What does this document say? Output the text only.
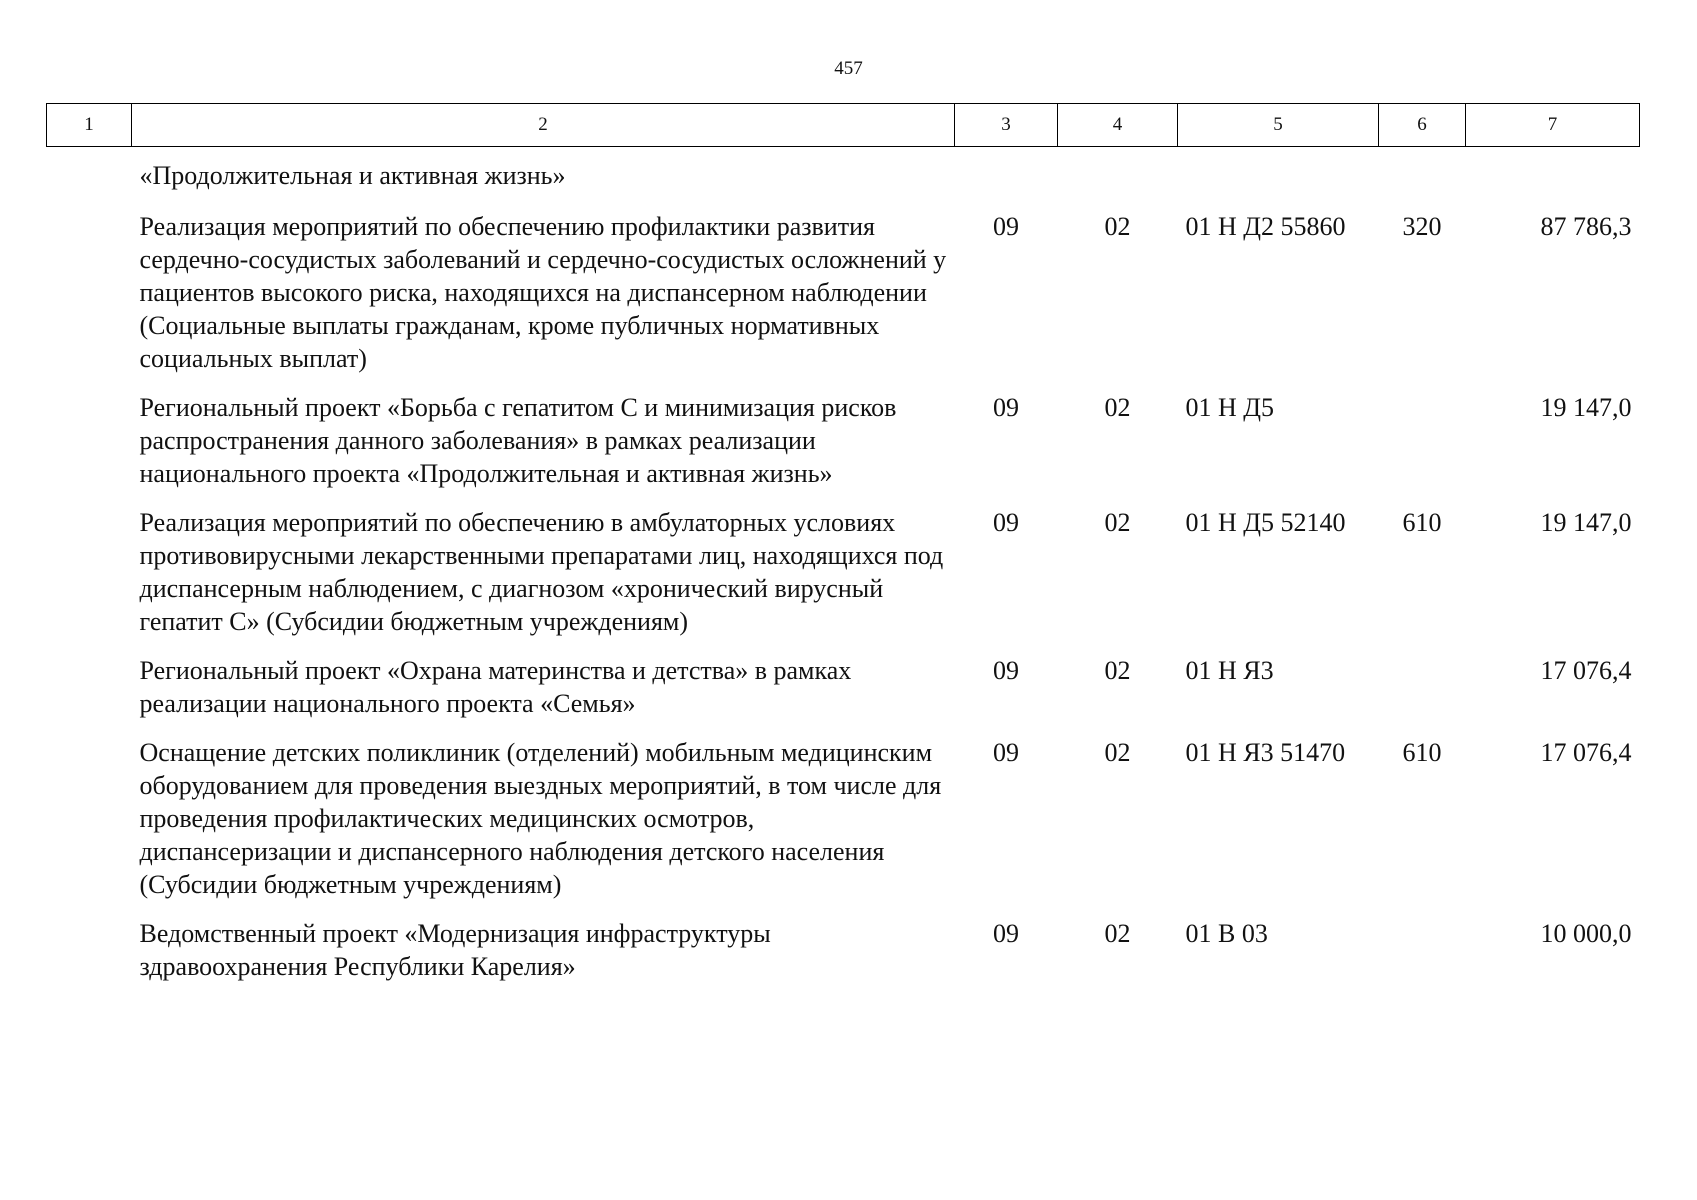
457
1	2	3	4	5	6	7
	«Продолжительная и активная жизнь»					
	Реализация мероприятий по обеспечению профилактики развития сердечно-сосудистых заболеваний и сердечно-сосудистых осложнений у пациентов высокого риска, находящихся на диспансерном наблюдении (Социальные выплаты гражданам, кроме публичных нормативных социальных выплат)	09	02	01 Н Д2 55860	320	87 786,3
	Региональный проект «Борьба с гепатитом С и минимизация рисков распространения данного заболевания» в рамках реализации национального проекта «Продолжительная и активная жизнь»	09	02	01 Н Д5		19 147,0
	Реализация мероприятий по обеспечению в амбулаторных условиях противовирусными лекарственными препаратами лиц, находящихся под диспансерным наблюдением, с диагнозом «хронический вирусный гепатит С» (Субсидии бюджетным учреждениям)	09	02	01 Н Д5 52140	610	19 147,0
	Региональный проект «Охрана материнства и детства» в рамках реализации национального проекта «Семья»	09	02	01 Н Я3		17 076,4
	Оснащение детских поликлиник (отделений) мобильным медицинским оборудованием для проведения выездных мероприятий, в том числе для проведения профилактических медицинских осмотров, диспансеризации и диспансерного наблюдения детского населения (Субсидии бюджетным учреждениям)	09	02	01 Н Я3 51470	610	17 076,4
	Ведомственный проект «Модернизация инфраструктуры здравоохранения Республики Карелия»	09	02	01 В 03		10 000,0
